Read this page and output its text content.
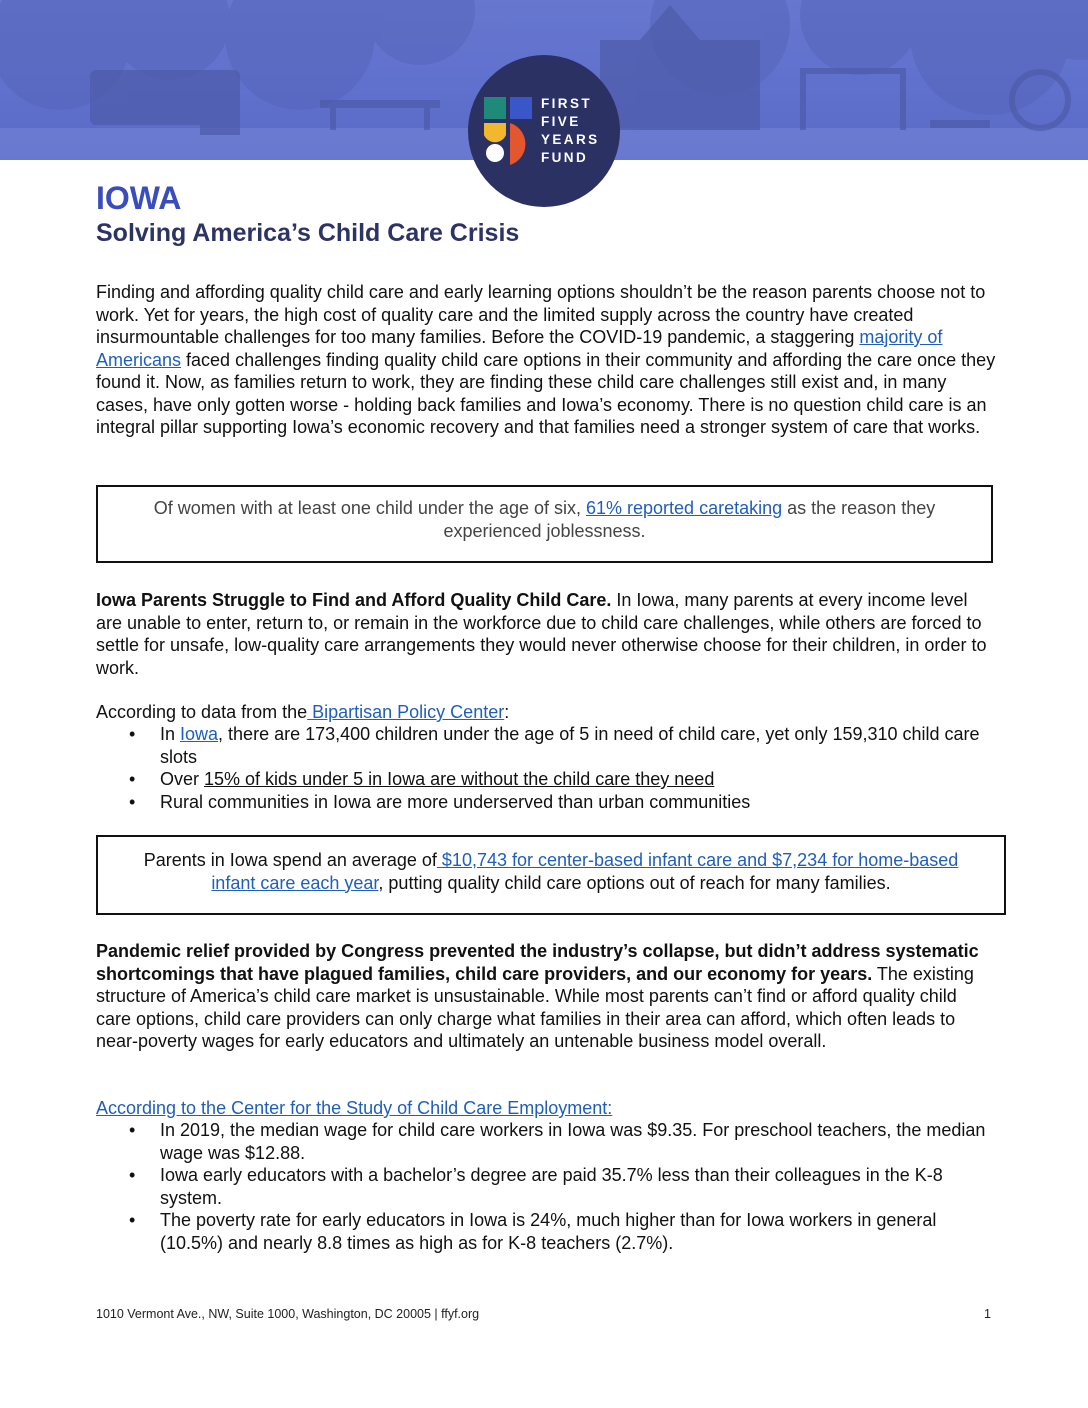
FIRST
FIVE
YEARS
FUND
IOWA
Solving America’s Child Care Crisis
Finding and affording quality child care and early learning options shouldn’t be the reason parents choose not to work. Yet for years, the high cost of quality care and the limited supply across the country have created insurmountable challenges for too many families. Before the COVID-19 pandemic, a staggering majority of Americans faced challenges finding quality child care options in their community and affording the care once they found it. Now, as families return to work, they are finding these child care challenges still exist and, in many cases, have only gotten worse - holding back families and Iowa’s economy. There is no question child care is an integral pillar supporting Iowa’s economic recovery and that families need a stronger system of care that works.
Of women with at least one child under the age of six, 61% reported caretaking as the reason they experienced joblessness.
Iowa Parents Struggle to Find and Afford Quality Child Care. In Iowa, many parents at every income level are unable to enter, return to, or remain in the workforce due to child care challenges, while others are forced to settle for unsafe, low-quality care arrangements they would never otherwise choose for their children, in order to work.
According to data from the Bipartisan Policy Center:
• In Iowa, there are 173,400 children under the age of 5 in need of child care, yet only 159,310 child care slots
• Over 15% of kids under 5 in Iowa are without the child care they need
• Rural communities in Iowa are more underserved than urban communities
Parents in Iowa spend an average of $10,743 for center-based infant care and $7,234 for home-based infant care each year, putting quality child care options out of reach for many families.
Pandemic relief provided by Congress prevented the industry’s collapse, but didn’t address systematic shortcomings that have plagued families, child care providers, and our economy for years. The existing structure of America’s child care market is unsustainable. While most parents can’t find or afford quality child care options, child care providers can only charge what families in their area can afford, which often leads to near-poverty wages for early educators and ultimately an untenable business model overall.
According to the Center for the Study of Child Care Employment:
• In 2019, the median wage for child care workers in Iowa was $9.35. For preschool teachers, the median wage was $12.88.
• Iowa early educators with a bachelor’s degree are paid 35.7% less than their colleagues in the K-8 system.
• The poverty rate for early educators in Iowa is 24%, much higher than for Iowa workers in general (10.5%) and nearly 8.8 times as high as for K-8 teachers (2.7%).
1010 Vermont Ave., NW, Suite 1000, Washington, DC 20005 | ffyf.org	1
